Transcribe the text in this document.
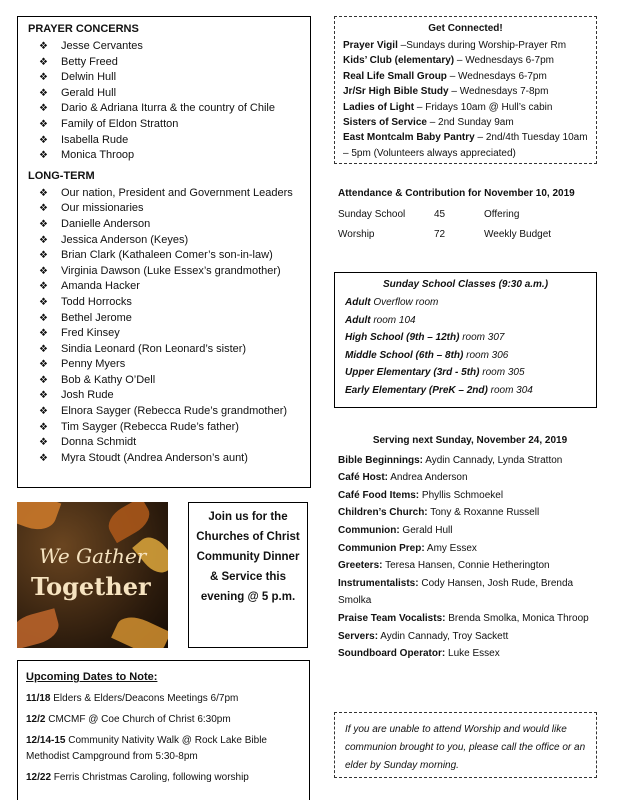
PRAYER CONCERNS
❖ Jesse Cervantes
❖ Betty Freed
❖ Delwin Hull
❖ Gerald Hull
❖ Dario & Adriana Iturra & the country of Chile
❖ Family of Eldon Stratton
❖ Isabella Rude
❖ Monica Throop
LONG-TERM
❖ Our nation, President and Government Leaders
❖ Our missionaries
❖ Danielle Anderson
❖ Jessica Anderson (Keyes)
❖ Brian Clark (Kathaleen Comer’s son-in-law)
❖ Virginia Dawson (Luke Essex’s grandmother)
❖ Amanda Hacker
❖ Todd Horrocks
❖ Bethel Jerome
❖ Fred Kinsey
❖ Sindia Leonard (Ron Leonard’s sister)
❖ Penny Myers
❖ Bob & Kathy O’Dell
❖ Josh Rude
❖ Elnora Sayger (Rebecca Rude’s grandmother)
❖ Tim Sayger (Rebecca Rude’s father)
❖ Donna Schmidt
❖ Myra Stoudt (Andrea Anderson’s aunt)
Get Connected!
Prayer Vigil –Sundays during Worship-Prayer Rm
Kids’ Club (elementary) – Wednesdays 6-7pm
Real Life Small Group – Wednesdays 6-7pm
Jr/Sr High Bible Study – Wednesdays 7-8pm
Ladies of Light – Fridays 10am @ Hull’s cabin
Sisters of Service – 2nd Sunday 9am
East Montcalm Baby Pantry – 2nd/4th Tuesday 10am – 5pm (Volunteers always appreciated)
Attendance & Contribution for November 10, 2019
Sunday School	45	Offering
Worship	72	Weekly Budget
Sunday School Classes (9:30 a.m.)
Adult Overflow room
Adult room 104
High School (9th – 12th) room 307
Middle School (6th – 8th) room 306
Upper Elementary (3rd - 5th) room 305
Early Elementary (PreK – 2nd) room 304
Serving next Sunday, November 24, 2019
Bible Beginnings: Aydin Cannady, Lynda Stratton
Café Host: Andrea Anderson
Café Food Items: Phyllis Schmoekel
Children’s Church: Tony & Roxanne Russell
Communion: Gerald Hull
Communion Prep: Amy Essex
Greeters: Teresa Hansen, Connie Hetherington
Instrumentalists: Cody Hansen, Josh Rude, Brenda Smolka
Praise Team Vocalists: Brenda Smolka, Monica Throop
Servers: Aydin Cannady, Troy Sackett
Soundboard Operator: Luke Essex
If you are unable to attend Worship and would like communion brought to you, please call the office or an elder by Sunday morning.
We Gather
Together
Join us for the Churches of Christ Community Dinner & Service this evening @ 5 p.m.
Upcoming Dates to Note:
11/18 Elders & Elders/Deacons Meetings 6/7pm
12/2 CMCMF @ Coe Church of Christ 6:30pm
12/14-15 Community Nativity Walk @ Rock Lake Bible Methodist Campground from 5:30-8pm
12/22 Ferris Christmas Caroling, following worship
